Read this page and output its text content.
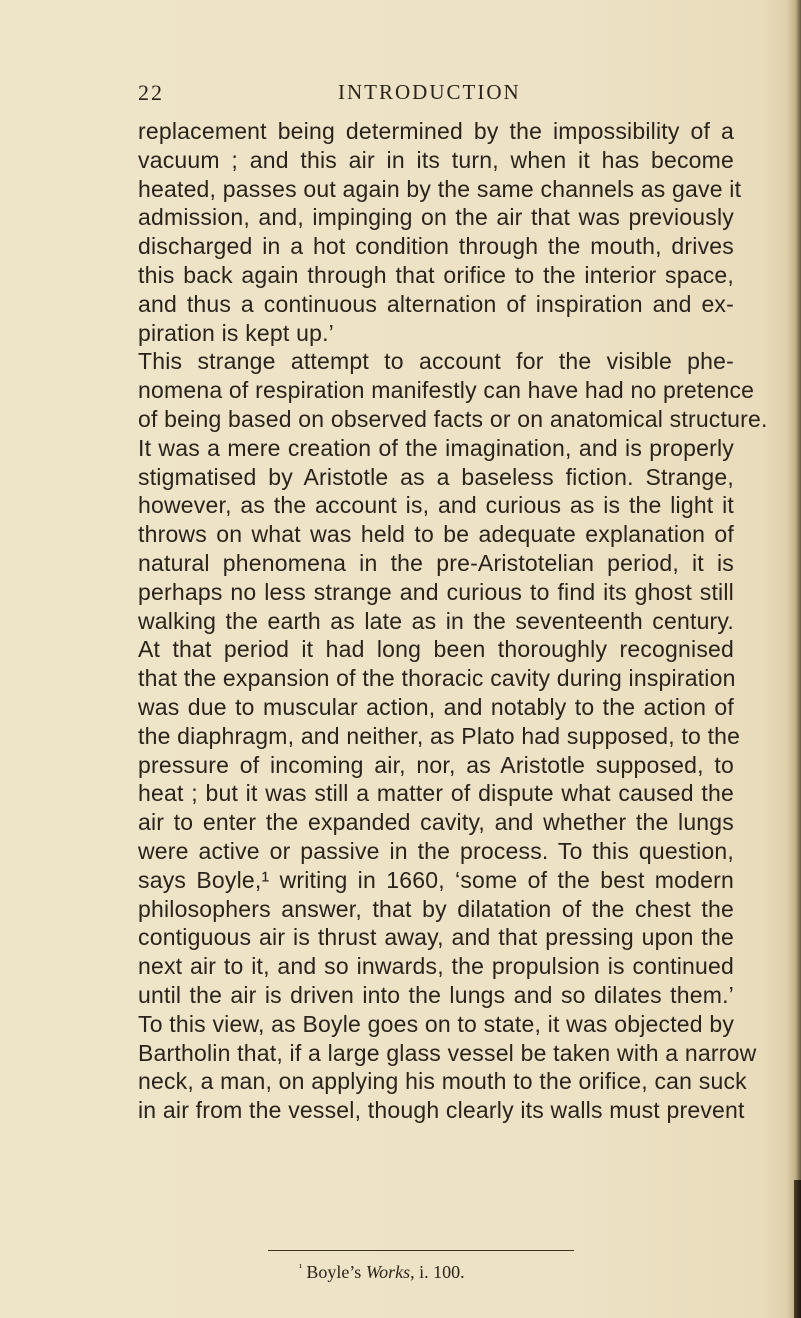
22	INTRODUCTION
replacement being determined by the impossibility of a
vacuum ; and this air in its turn, when it has become
heated, passes out again by the same channels as gave it
admission, and, impinging on the air that was previously
discharged in a hot condition through the mouth, drives
this back again through that orifice to the interior space,
and thus a continuous alternation of inspiration and ex-
piration is kept up.’
This strange attempt to account for the visible phe-
nomena of respiration manifestly can have had no pretence
of being based on observed facts or on anatomical structure.
It was a mere creation of the imagination, and is properly
stigmatised by Aristotle as a baseless fiction. Strange,
however, as the account is, and curious as is the light it
throws on what was held to be adequate explanation of
natural phenomena in the pre-Aristotelian period, it is
perhaps no less strange and curious to find its ghost still
walking the earth as late as in the seventeenth century.
At that period it had long been thoroughly recognised
that the expansion of the thoracic cavity during inspiration
was due to muscular action, and notably to the action of
the diaphragm, and neither, as Plato had supposed, to the
pressure of incoming air, nor, as Aristotle supposed, to
heat ; but it was still a matter of dispute what caused the
air to enter the expanded cavity, and whether the lungs
were active or passive in the process. To this question,
says Boyle,¹ writing in 1660, ‘some of the best modern
philosophers answer, that by dilatation of the chest the
contiguous air is thrust away, and that pressing upon the
next air to it, and so inwards, the propulsion is continued
until the air is driven into the lungs and so dilates them.’
To this view, as Boyle goes on to state, it was objected by
Bartholin that, if a large glass vessel be taken with a narrow
neck, a man, on applying his mouth to the orifice, can suck
in air from the vessel, though clearly its walls must prevent
$^{^1}$ Boyle’s Works, i. 100.
